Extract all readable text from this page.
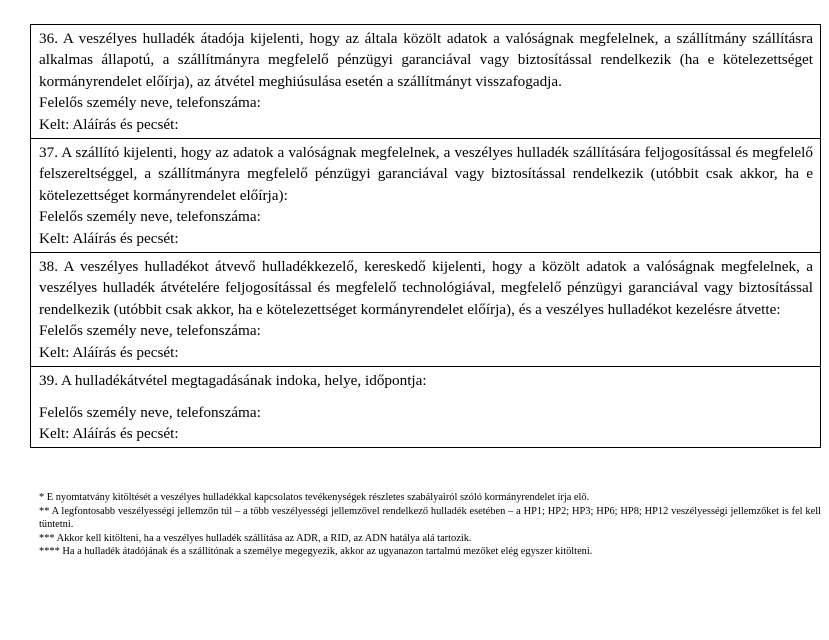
36. A veszélyes hulladék átadója kijelenti, hogy az általa közölt adatok a valóságnak megfelelnek, a szállítmány szállításra alkalmas állapotú, a szállítmányra megfelelő pénzügyi garanciával vagy biztosítással rendelkezik (ha e kötelezettséget kormányrendelet előírja), az átvétel meghiúsulása esetén a szállítmányt visszafogadja.

Felelős személy neve, telefonszáma:

Kelt: Aláírás és pecsét:

37. A szállító kijelenti, hogy az adatok a valóságnak megfelelnek, a veszélyes hulladék szállítására feljogosítással és megfelelő felszereltséggel, a szállítmányra megfelelő pénzügyi garanciával vagy biztosítással rendelkezik (utóbbit csak akkor, ha e kötelezettséget kormányrendelet előírja):

Felelős személy neve, telefonszáma:

Kelt: Aláírás és pecsét:

38. A veszélyes hulladékot átvevő hulladékkezelő, kereskedő kijelenti, hogy a közölt adatok a valóságnak megfelelnek, a veszélyes hulladék átvételére feljogosítással és megfelelő technológiával, megfelelő pénzügyi garanciával vagy biztosítással rendelkezik (utóbbit csak akkor, ha e kötelezettséget kormányrendelet előírja), és a veszélyes hulladékot kezelésre átvette:

Felelős személy neve, telefonszáma:

Kelt: Aláírás és pecsét:

39. A hulladékátvétel megtagadásának indoka, helye, időpontja:

Felelős személy neve, telefonszáma:

Kelt: Aláírás és pecsét:

* E nyomtatvány kitöltését a veszélyes hulladékkal kapcsolatos tevékenységek részletes szabályairól szóló kormányrendelet írja elő.

** A legfontosabb veszélyességi jellemzőn túl – a több veszélyességi jellemzővel rendelkező hulladék esetében – a HP1; HP2; HP3; HP6; HP8; HP12 veszélyességi jellemzőket is fel kell tüntetni.

*** Akkor kell kitölteni, ha a veszélyes hulladék szállítása az ADR, a RID, az ADN hatálya alá tartozik.

**** Ha a hulladék átadójának és a szállítónak a személye megegyezik, akkor az ugyanazon tartalmú mezőket elég egyszer kitölteni.
